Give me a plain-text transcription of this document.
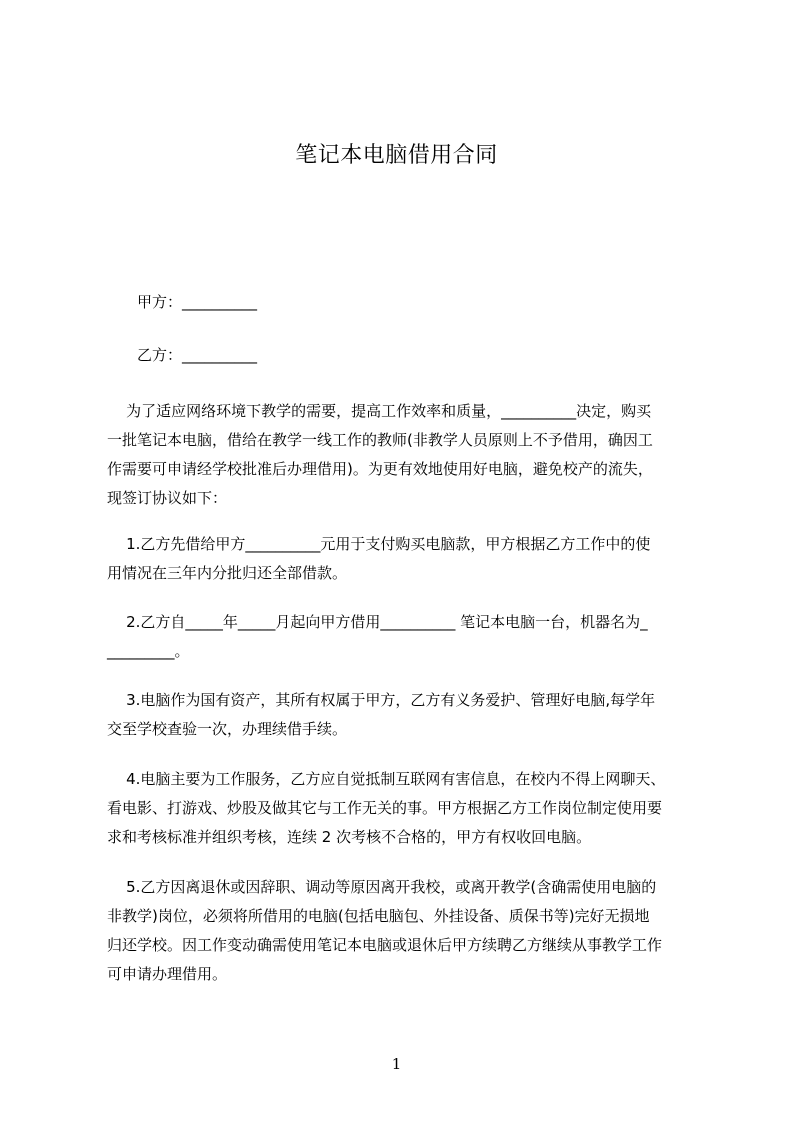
笔记本电脑借用合同
甲方：__________
乙方：__________
为了适应网络环境下教学的需要，提高工作效率和质量，__________决定，购买
一批笔记本电脑，借给在教学一线工作的教师(非教学人员原则上不予借用，确因工
作需要可申请经学校批准后办理借用)。为更有效地使用好电脑，避免校产的流失，
现签订协议如下：
1.乙方先借给甲方__________元用于支付购买电脑款，甲方根据乙方工作中的使
用情况在三年内分批归还全部借款。
2.乙方自_____年_____月起向甲方借用__________ 笔记本电脑一台，机器名为_
_________。
3.电脑作为国有资产，其所有权属于甲方，乙方有义务爱护、管理好电脑,每学年
交至学校查验一次，办理续借手续。
4.电脑主要为工作服务，乙方应自觉抵制互联网有害信息，在校内不得上网聊天、
看电影、打游戏、炒股及做其它与工作无关的事。甲方根据乙方工作岗位制定使用要
求和考核标准并组织考核，连续 2 次考核不合格的，甲方有权收回电脑。
5.乙方因离退休或因辞职、调动等原因离开我校，或离开教学(含确需使用电脑的
非教学)岗位，必须将所借用的电脑(包括电脑包、外挂设备、质保书等)完好无损地
归还学校。因工作变动确需使用笔记本电脑或退休后甲方续聘乙方继续从事教学工作
可申请办理借用。
1
